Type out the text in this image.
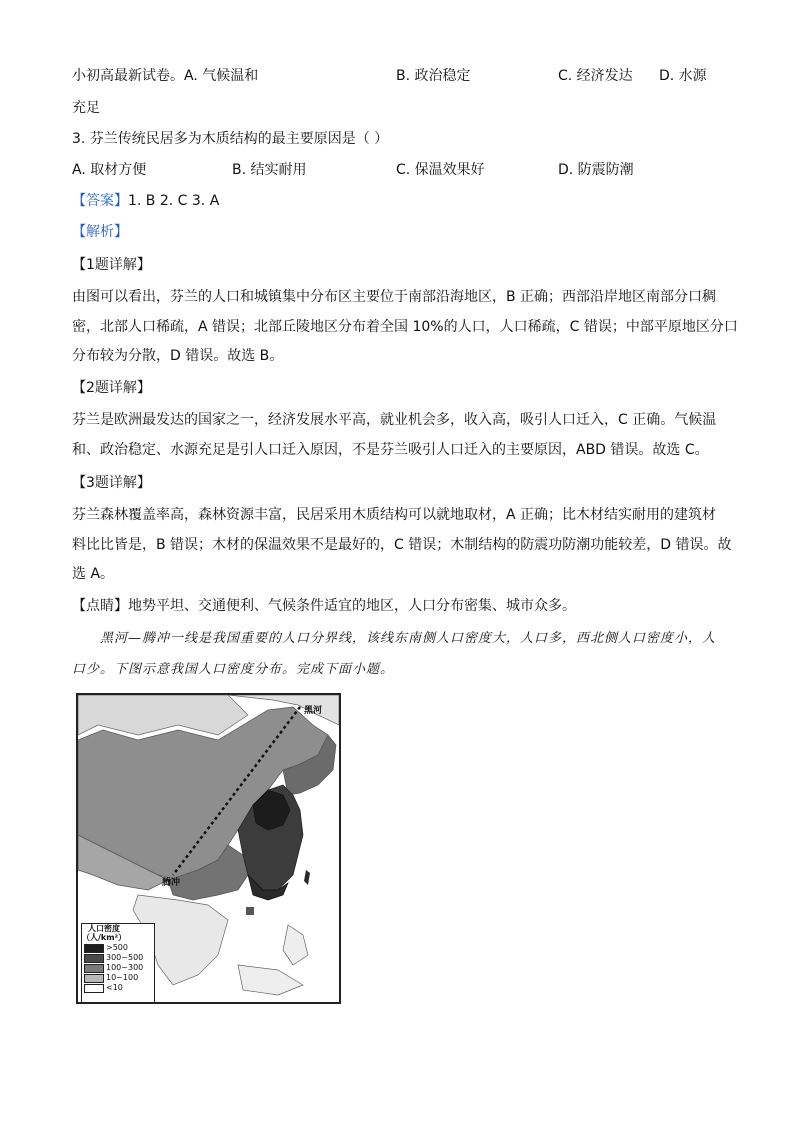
小初高最新试卷。A. 气候温和	B. 政治稳定	C. 经济发达 D. 水源
充足
3. 芬兰传统民居多为木质结构的最主要原因是（ ）
A. 取材方便	B. 结实耐用	C. 保温效果好	D. 防震防潮
【答案】1. B 2. C 3. A
【解析】
【1题详解】
由图可以看出，芬兰的人口和城镇集中分布区主要位于南部沿海地区，B 正确；西部沿岸地区南部分口稠
密，北部人口稀疏，A 错误；北部丘陵地区分布着全国 10%的人口，人口稀疏，C 错误；中部平原地区分口
分布较为分散，D 错误。故选 B。
【2题详解】
芬兰是欧洲最发达的国家之一，经济发展水平高，就业机会多，收入高，吸引人口迁入，C 正确。气候温
和、政治稳定、水源充足是引人口迁入原因，不是芬兰吸引人口迁入的主要原因，ABD 错误。故选 C。
【3题详解】
芬兰森林覆盖率高，森林资源丰富，民居采用木质结构可以就地取材，A 正确；比木材结实耐用的建筑材
料比比皆是，B 错误；木材的保温效果不是最好的，C 错误；木制结构的防震功防潮功能较差，D 错误。故
选 A。
【点睛】地势平坦、交通便利、气候条件适宜的地区，人口分布密集、城市众多。
黑河—腾冲一线是我国重要的人口分界线，该线东南侧人口密度大，人口多，西北侧人口密度小，人
口少。下图示意我国人口密度分布。完成下面小题。
黑河
腾冲
人口密度
（人/km²）
>500
300~500
100~300
10~100
<10
